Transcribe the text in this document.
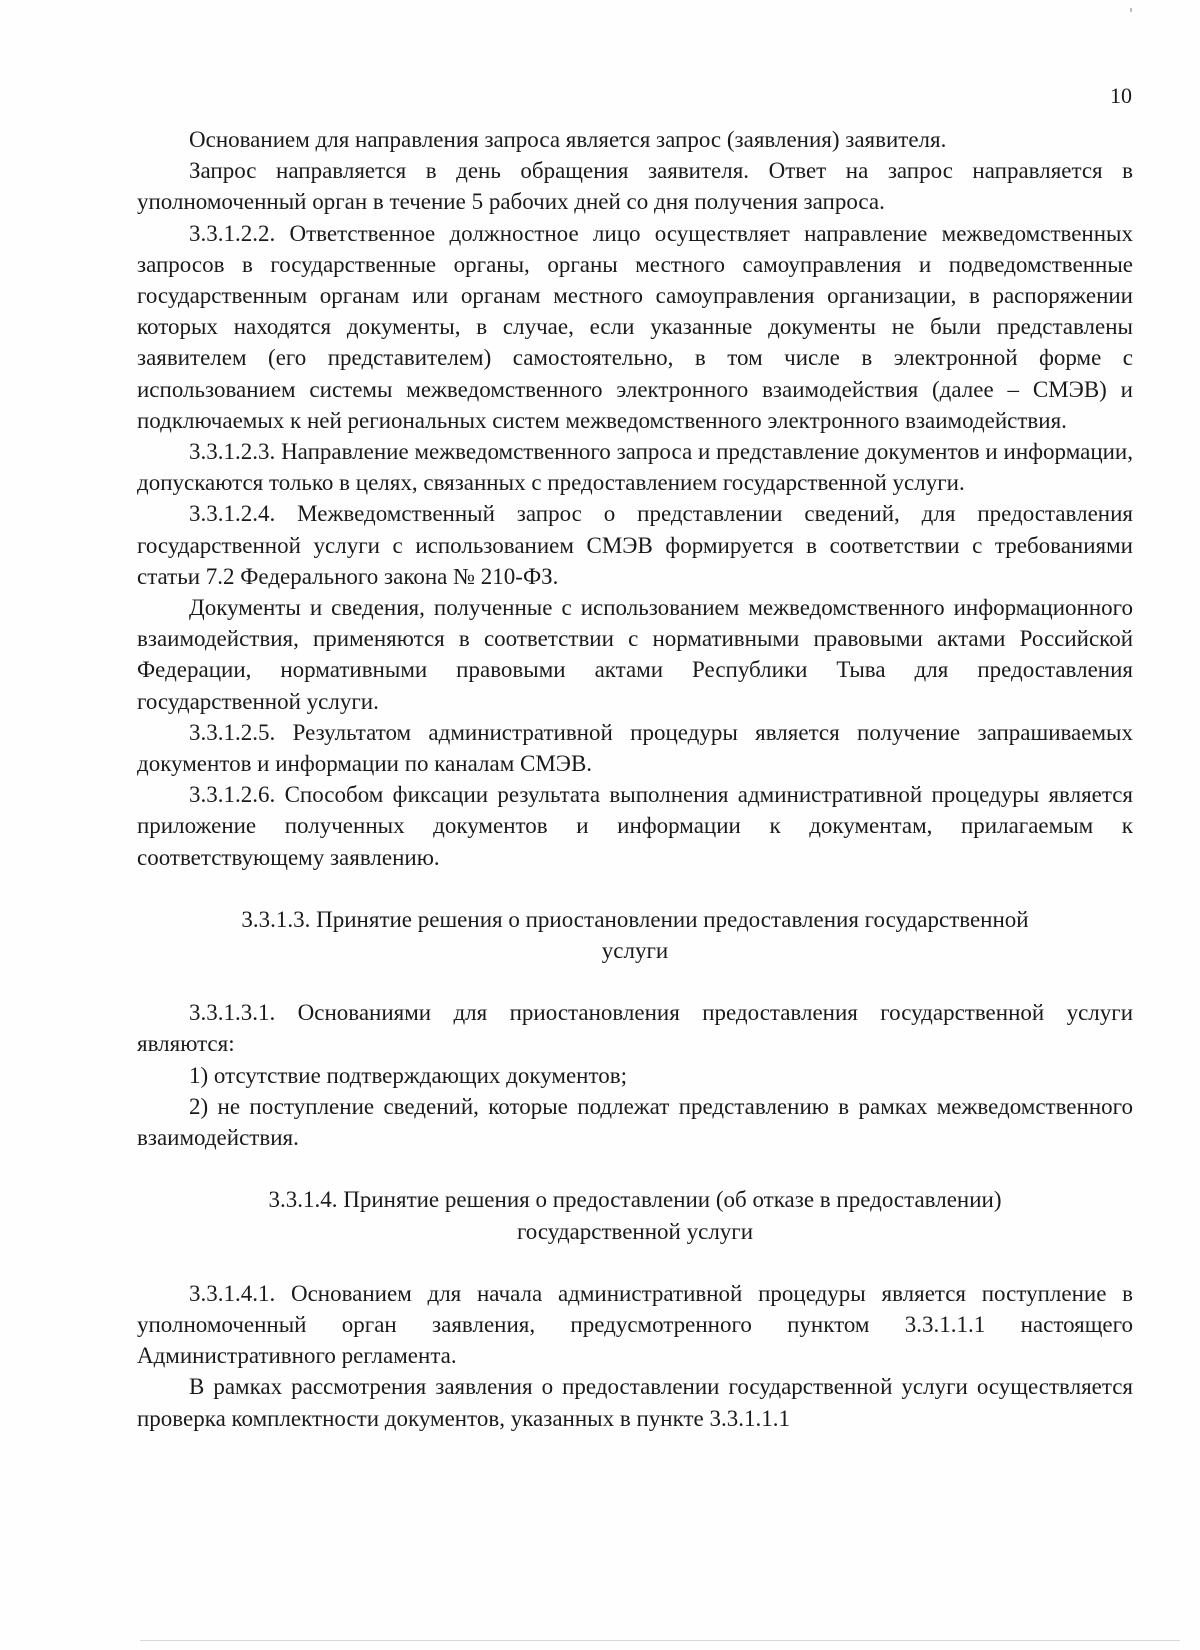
10

Основанием для направления запроса является запрос (заявления) заявителя.

Запрос направляется в день обращения заявителя. Ответ на запрос направляется в уполномоченный орган в течение 5 рабочих дней со дня получения запроса.

3.3.1.2.2. Ответственное должностное лицо осуществляет направление межведомственных запросов в государственные органы, органы местного самоуправления и подведомственные государственным органам или органам местного самоуправления организации, в распоряжении которых находятся документы, в случае, если указанные документы не были представлены заявителем (его представителем) самостоятельно, в том числе в электронной форме с использованием системы межведомственного электронного взаимодействия (далее – СМЭВ) и подключаемых к ней региональных систем межведомственного электронного взаимодействия.

3.3.1.2.3. Направление межведомственного запроса и представление документов и информации, допускаются только в целях, связанных с предоставлением государственной услуги.

3.3.1.2.4. Межведомственный запрос о представлении сведений, для предоставления государственной услуги с использованием СМЭВ формируется в соответствии с требованиями статьи 7.2 Федерального закона № 210-ФЗ.

Документы и сведения, полученные с использованием межведомственного информационного взаимодействия, применяются в соответствии с нормативными правовыми актами Российской Федерации, нормативными правовыми актами Республики Тыва для предоставления государственной услуги.

3.3.1.2.5. Результатом административной процедуры является получение запрашиваемых документов и информации по каналам СМЭВ.

3.3.1.2.6. Способом фиксации результата выполнения административной процедуры является приложение полученных документов и информации к документам, прилагаемым к соответствующему заявлению.

3.3.1.3. Принятие решения о приостановлении предоставления государственной
услуги

3.3.1.3.1. Основаниями для приостановления предоставления государственной услуги являются:

1) отсутствие подтверждающих документов;

2) не поступление сведений, которые подлежат представлению в рамках межведомственного взаимодействия.

3.3.1.4. Принятие решения о предоставлении (об отказе в предоставлении)
государственной услуги

3.3.1.4.1. Основанием для начала административной процедуры является поступление в уполномоченный орган заявления, предусмотренного пунктом 3.3.1.1.1 настоящего Административного регламента.

В рамках рассмотрения заявления о предоставлении государственной услуги осуществляется проверка комплектности документов, указанных в пункте 3.3.1.1.1
